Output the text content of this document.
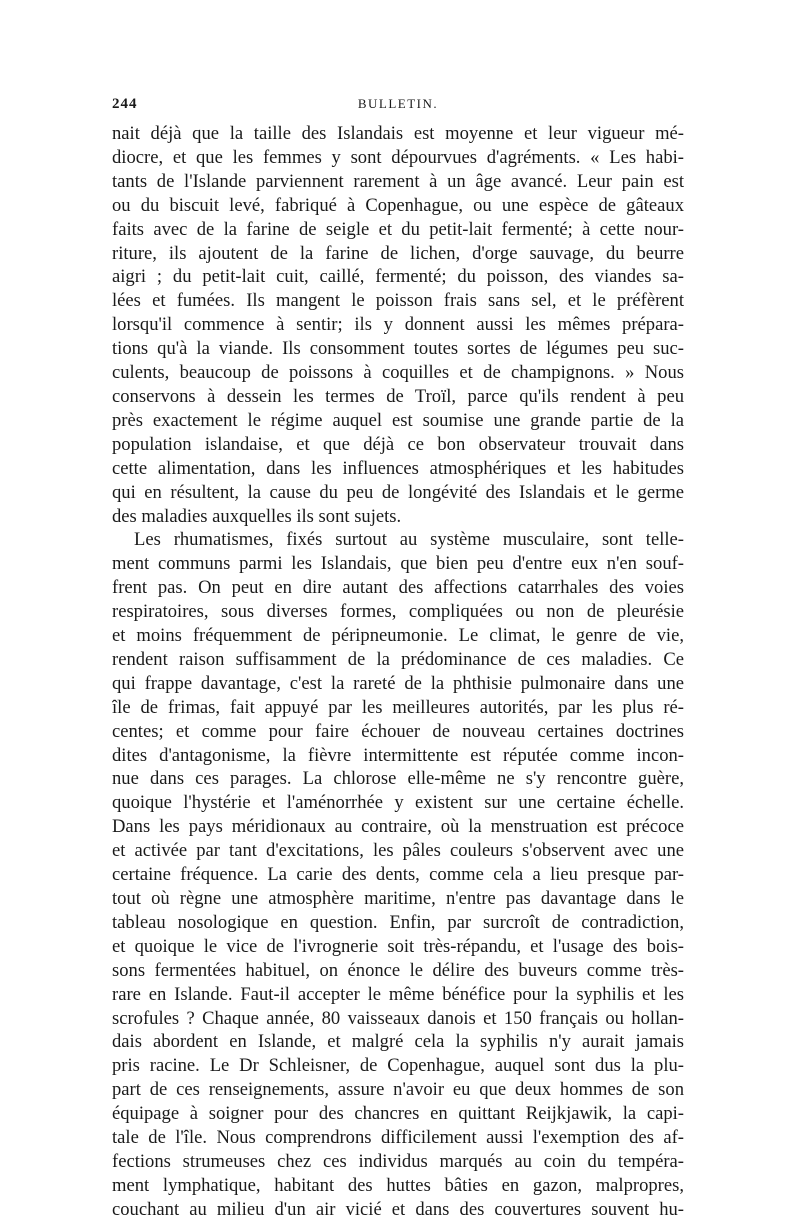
244	BULLETIN.
nait déjà que la taille des Islandais est moyenne et leur vigueur mé-
diocre, et que les femmes y sont dépourvues d'agréments. « Les habi-
tants de l'Islande parviennent rarement à un âge avancé. Leur pain est
ou du biscuit levé, fabriqué à Copenhague, ou une espèce de gâteaux
faits avec de la farine de seigle et du petit-lait fermenté; à cette nour-
riture, ils ajoutent de la farine de lichen, d'orge sauvage, du beurre
aigri ; du petit-lait cuit, caillé, fermenté; du poisson, des viandes sa-
lées et fumées. Ils mangent le poisson frais sans sel, et le préfèrent
lorsqu'il commence à sentir; ils y donnent aussi les mêmes prépara-
tions qu'à la viande. Ils consomment toutes sortes de légumes peu suc-
culents, beaucoup de poissons à coquilles et de champignons. » Nous
conservons à dessein les termes de Troïl, parce qu'ils rendent à peu
près exactement le régime auquel est soumise une grande partie de la
population islandaise, et que déjà ce bon observateur trouvait dans
cette alimentation, dans les influences atmosphériques et les habitudes
qui en résultent, la cause du peu de longévité des Islandais et le germe
des maladies auxquelles ils sont sujets.
Les rhumatismes, fixés surtout au système musculaire, sont telle-
ment communs parmi les Islandais, que bien peu d'entre eux n'en souf-
frent pas. On peut en dire autant des affections catarrhales des voies
respiratoires, sous diverses formes, compliquées ou non de pleurésie
et moins fréquemment de péripneumonie. Le climat, le genre de vie,
rendent raison suffisamment de la prédominance de ces maladies. Ce
qui frappe davantage, c'est la rareté de la phthisie pulmonaire dans une
île de frimas, fait appuyé par les meilleures autorités, par les plus ré-
centes; et comme pour faire échouer de nouveau certaines doctrines
dites d'antagonisme, la fièvre intermittente est réputée comme incon-
nue dans ces parages. La chlorose elle-même ne s'y rencontre guère,
quoique l'hystérie et l'aménorrhée y existent sur une certaine échelle.
Dans les pays méridionaux au contraire, où la menstruation est précoce
et activée par tant d'excitations, les pâles couleurs s'observent avec une
certaine fréquence. La carie des dents, comme cela a lieu presque par-
tout où règne une atmosphère maritime, n'entre pas davantage dans le
tableau nosologique en question. Enfin, par surcroît de contradiction,
et quoique le vice de l'ivrognerie soit très-répandu, et l'usage des bois-
sons fermentées habituel, on énonce le délire des buveurs comme très-
rare en Islande. Faut-il accepter le même bénéfice pour la syphilis et les
scrofules ? Chaque année, 80 vaisseaux danois et 150 français ou hollan-
dais abordent en Islande, et malgré cela la syphilis n'y aurait jamais
pris racine. Le Dr Schleisner, de Copenhague, auquel sont dus la plu-
part de ces renseignements, assure n'avoir eu que deux hommes de son
équipage à soigner pour des chancres en quittant Reijkjawik, la capi-
tale de l'île. Nous comprendrons difficilement aussi l'exemption des af-
fections strumeuses chez ces individus marqués au coin du tempéra-
ment lymphatique, habitant des huttes bâties en gazon, malpropres,
couchant au milieu d'un air vicié et dans des couvertures souvent hu-
